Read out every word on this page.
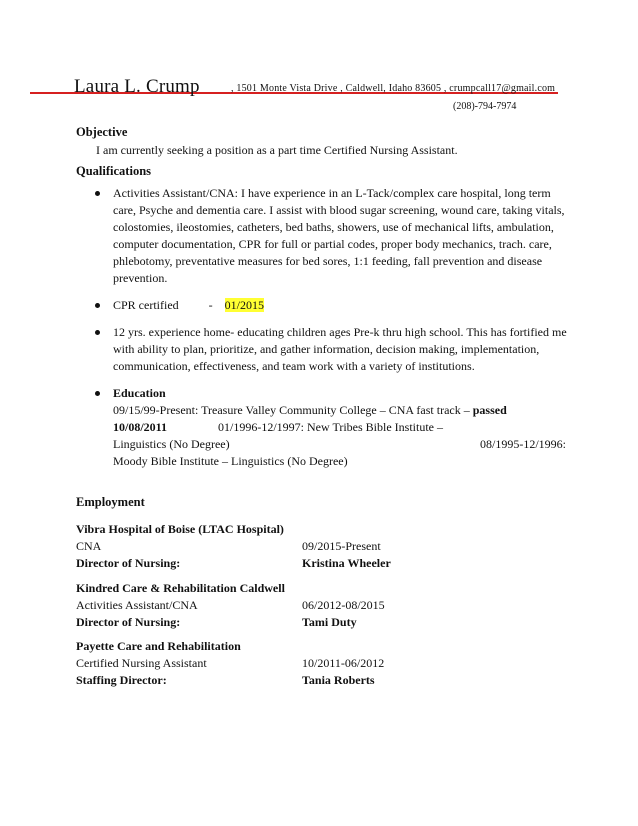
Laura L. Crump	, 1501 Monte Vista Drive , Caldwell, Idaho 83605 , crumpcall17@gmail.com
(208)-794-7974
Objective
I am currently seeking a position as a part time Certified Nursing Assistant.
Qualifications
Activities Assistant/CNA: I have experience in an L-Tack/complex care hospital, long term care, Psyche and dementia care. I assist with blood sugar screening, wound care, taking vitals, colostomies, ileostomies, catheters, bed baths, showers, use of mechanical lifts, ambulation, computer documentation, CPR for full or partial codes, proper body mechanics, trach. care, phlebotomy, preventative measures for bed sores, 1:1 feeding, fall prevention and disease prevention.
CPR certified	- 01/2015
12 yrs. experience home- educating children ages Pre-k thru high school. This has fortified me with ability to plan, prioritize, and gather information, decision making, implementation, communication, effectiveness, and team work with a variety of institutions.
Education
09/15/99-Present: Treasure Valley Community College – CNA fast track – passed
10/08/2011	01/1996-12/1997: New Tribes Bible Institute –
Linguistics (No Degree)	08/1995-12/1996:
Moody Bible Institute – Linguistics (No Degree)
Employment
Vibra Hospital of Boise (LTAC Hospital)
CNA	09/2015-Present
Director of Nursing:	Kristina Wheeler
Kindred Care & Rehabilitation Caldwell
Activities Assistant/CNA	06/2012-08/2015
Director of Nursing:	Tami Duty
Payette Care and Rehabilitation
Certified Nursing Assistant	10/2011-06/2012
Staffing Director:	Tania Roberts
